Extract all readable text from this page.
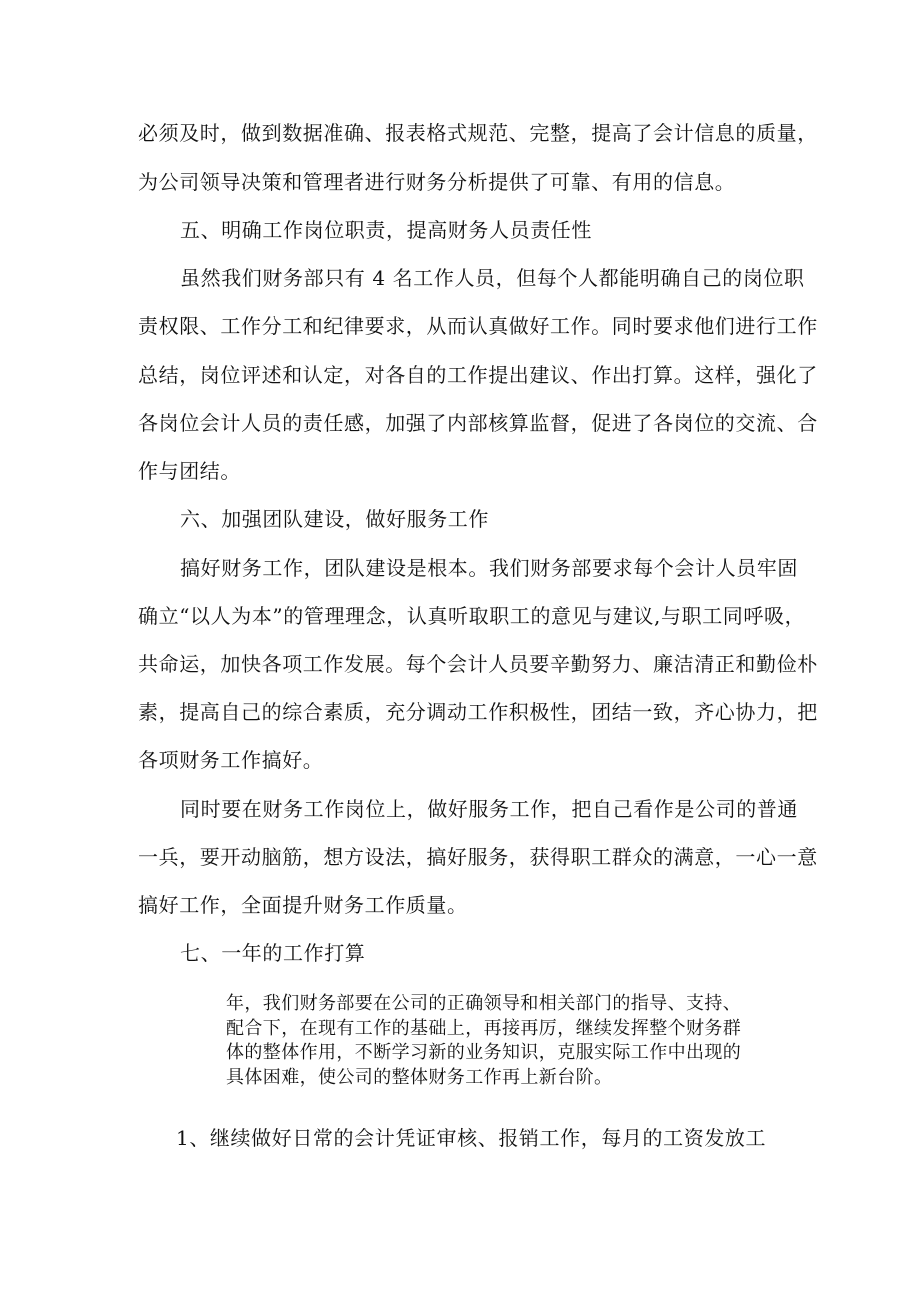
必须及时，做到数据准确、报表格式规范、完整，提高了会计信息的质量，
为公司领导决策和管理者进行财务分析提供了可靠、有用的信息。
五、明确工作岗位职责，提高财务人员责任性
虽然我们财务部只有 4 名工作人员，但每个人都能明确自己的岗位职
责权限、工作分工和纪律要求，从而认真做好工作。同时要求他们进行工作
总结，岗位评述和认定，对各自的工作提出建议、作出打算。这样，强化了
各岗位会计人员的责任感，加强了内部核算监督，促进了各岗位的交流、合
作与团结。
六、加强团队建设，做好服务工作
搞好财务工作，团队建设是根本。我们财务部要求每个会计人员牢固
确立“以人为本”的管理理念，认真听取职工的意见与建议,与职工同呼吸，
共命运，加快各项工作发展。每个会计人员要辛勤努力、廉洁清正和勤俭朴
素，提高自己的综合素质，充分调动工作积极性，团结一致，齐心协力，把
各项财务工作搞好。
同时要在财务工作岗位上，做好服务工作，把自己看作是公司的普通
一兵，要开动脑筋，想方设法，搞好服务，获得职工群众的满意，一心一意
搞好工作，全面提升财务工作质量。
七、一年的工作打算
年，我们财务部要在公司的正确领导和相关部门的指导、支持、
配合下，在现有工作的基础上，再接再厉，继续发挥整个财务群
体的整体作用，不断学习新的业务知识，克服实际工作中出现的
具体困难，使公司的整体财务工作再上新台阶。
1、继续做好日常的会计凭证审核、报销工作，每月的工资发放工
